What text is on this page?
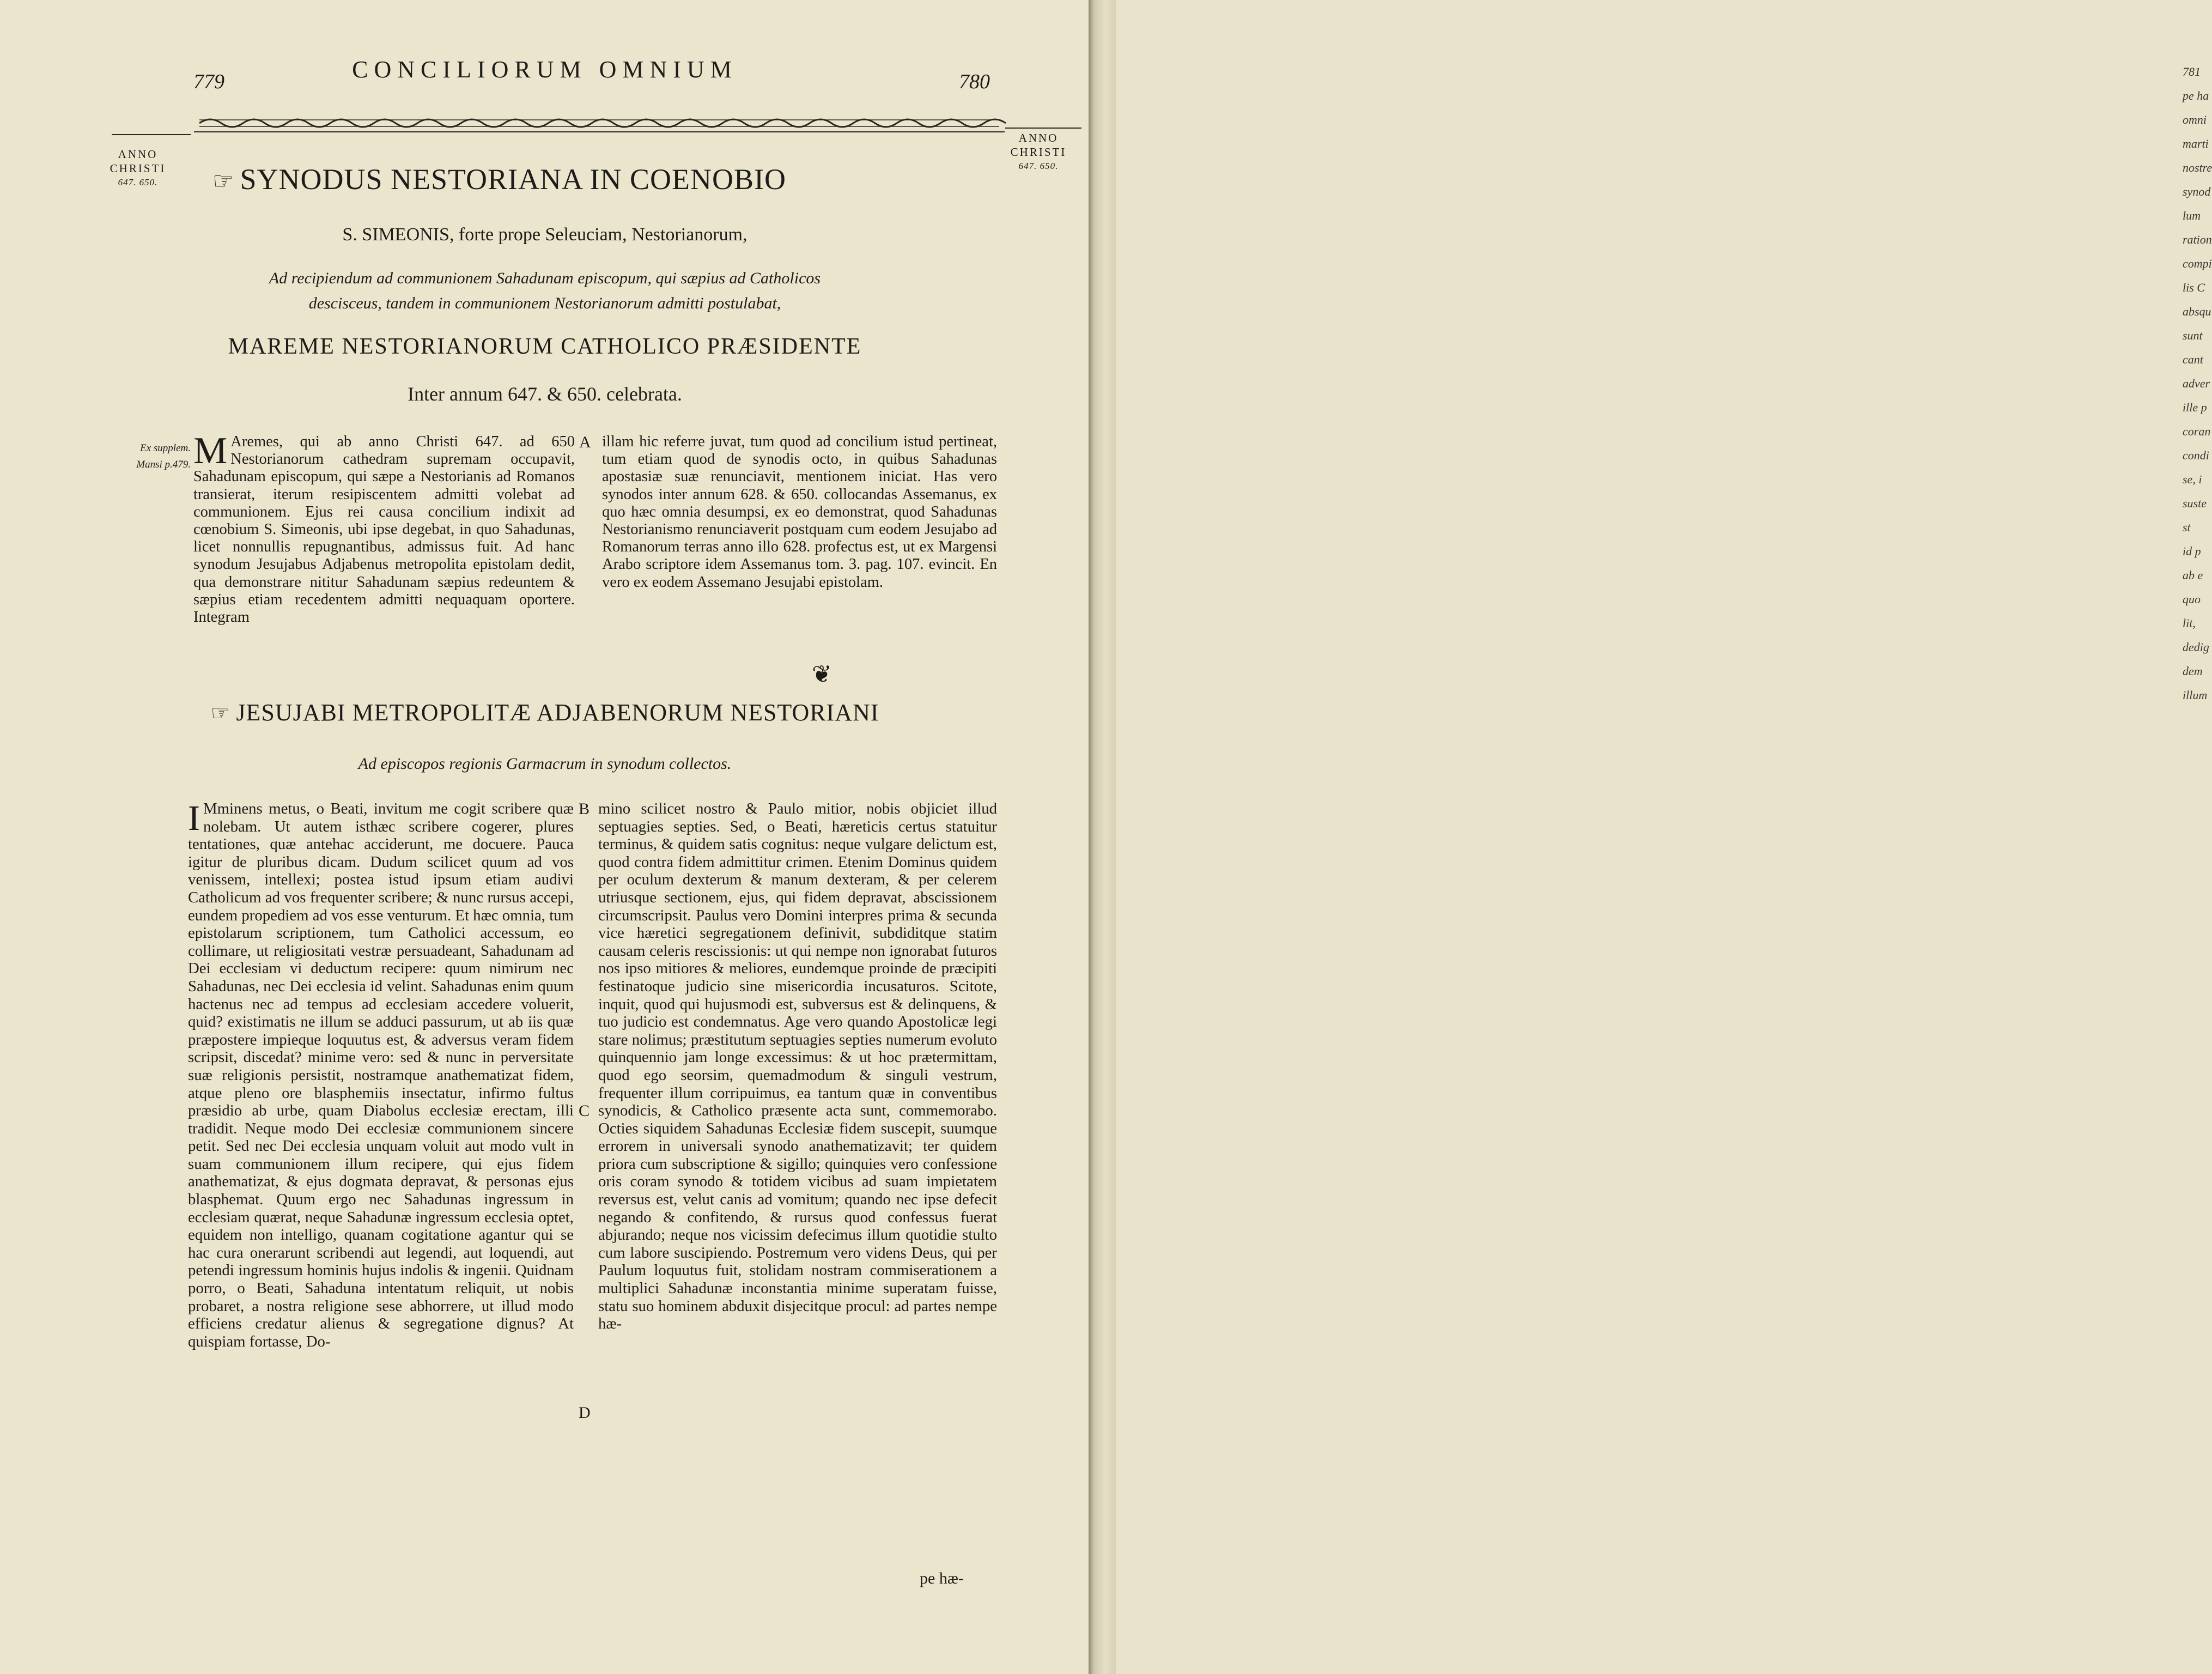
779	CONCILIORUM OMNIUM	780
ANNO
CHRISTI
647. 650.
ANNO
CHRISTI
647. 650.
☞ SYNODUS NESTORIANA IN COENOBIO
S. SIMEONIS, forte prope Seleuciam, Nestorianorum,
Ad recipiendum ad communionem Sahadunam episcopum, qui sæpius ad Catholicos
descisceus, tandem in communionem Nestorianorum admitti postulabat,
MAREME NESTORIANORUM CATHOLICO PRÆSIDENTE
Inter annum 647. & 650. celebrata.
Ex supplem.
Mansi p.479. M Aremes, qui ab anno Christi 647. ad 650 Nestorianorum cathedram supremam occupavit, Sahadunam episcopum, qui sæpe a Nestorianis ad Romanos transierat, iterum resipiscentem admitti volebat ad communionem. Ejus rei causa concilium indixit ad cœnobium S. Simeonis, ubi ipse degebat, in quo Sahadunas, licet nonnullis repugnantibus, admissus fuit. Ad hanc synodum Jesujabus Adjabenus metropolita epistolam dedit, qua demonstrare nititur Sahadunam sæpius redeuntem & sæpius etiam recedentem admitti nequaquam oportere. Integram
A illam hic referre juvat, tum quod ad concilium istud pertineat, tum etiam quod de synodis octo, in quibus Sahadunas apostasiæ suæ renunciavit, mentionem iniciat. Has vero synodos inter annum 628. & 650. collocandas Assemanus, ex quo hæc omnia desumpsi, ex eo demonstrat, quod Sahadunas Nestorianismo renunciaverit postquam cum eodem Jesujabo ad Romanorum terras anno illo 628. profectus est, ut ex Margensi Arabo scriptore idem Assemanus tom. 3. pag. 107. evincit. En vero ex eodem Assemano Jesujabi epistolam.
❦
☞ JESUJABI METROPOLITÆ ADJABENORUM NESTORIANI
Ad episcopos regionis Garmacrum in synodum collectos.
I Mminens metus, o Beati, invitum me cogit scribere quæ nolebam. Ut autem isthæc scribere cogerer, plures tentationes, quæ antehac acciderunt, me docuere. Pauca igitur de pluribus dicam. Dudum scilicet quum ad vos venissem, intellexi; postea istud ipsum etiam audivi Catholicum ad vos frequenter scribere; & nunc rursus accepi, eundem propediem ad vos esse venturum. Et hæc omnia, tum epistolarum scriptionem, tum Catholici accessum, eo collimare, ut religiositati vestræ persuadeant, Sahadunam ad Dei ecclesiam vi deductum recipere: quum nimirum nec Sahadunas, nec Dei ecclesia id velint. Sahadunas enim quum hactenus nec ad tempus ad ecclesiam accedere voluerit, quid? existimatis ne illum se adduci passurum, ut ab iis quæ præpostere impieque loquutus est, & adversus veram fidem scripsit, discedat? minime vero: sed & nunc in perversitate suæ religionis persistit, nostramque anathematizat fidem, atque pleno ore blasphemiis insectatur, infirmo fultus præsidio ab urbe, quam Diabolus ecclesiæ erectam, illi tradidit. Neque modo Dei ecclesiæ communionem sincere petit. Sed nec Dei ecclesia unquam voluit aut modo vult in suam communionem illum recipere, qui ejus fidem anathematizat, & ejus dogmata depravat, & personas ejus blasphemat. Quum ergo nec Sahadunas ingressum in ecclesiam quærat, neque Sahadunæ ingressum ecclesia optet, equidem non intelligo, quanam cogitatione agantur qui se hac cura onerarunt scribendi aut legendi, aut loquendi, aut petendi ingressum hominis hujus indolis & ingenii. Quidnam porro, o Beati, Sahaduna intentatum reliquit, ut nobis probaret, a nostra religione sese abhorrere, ut illud modo efficiens credatur alienus & segregatione dignus? At quispiam fortasse, Do-
B
C
D
mino scilicet nostro & Paulo mitior, nobis objiciet illud septuagies septies. Sed, o Beati, hæreticis certus statuitur terminus, & quidem satis cognitus: neque vulgare delictum est, quod contra fidem admittitur crimen. Etenim Dominus quidem per oculum dexterum & manum dexteram, & per celerem utriusque sectionem, ejus, qui fidem depravat, abscissionem circumscripsit. Paulus vero Domini interpres prima & secunda vice hæretici segregationem definivit, subdiditque statim causam celeris rescissionis: ut qui nempe non ignorabat futuros nos ipso mitiores & meliores, eundemque proinde de præcipiti festinatoque judicio sine misericordia incusaturos. Scitote, inquit, quod qui hujusmodi est, subversus est & delinquens, & tuo judicio est condemnatus. Age vero quando Apostolicæ legi stare nolimus; præstitutum septuagies septies numerum evoluto quinquennio jam longe excessimus: & ut hoc prætermittam, quod ego seorsim, quemadmodum & singuli vestrum, frequenter illum corripuimus, ea tantum quæ in conventibus synodicis, & Catholico præsente acta sunt, commemorabo. Octies siquidem Sahadunas Ecclesiæ fidem suscepit, suumque errorem in universali synodo anathematizavit; ter quidem priora cum subscriptione & sigillo; quinquies vero confessione oris coram synodo & totidem vicibus ad suam impietatem reversus est, velut canis ad vomitum; quando nec ipse defecit negando & confitendo, & rursus quod confessus fuerat abjurando; neque nos vicissim defecimus illum quotidie stulto cum labore suscipiendo. Postremum vero videns Deus, qui per Paulum loquutus fuit, stolidam nostram commiserationem a multiplici Sahadunæ inconstantia minime superatam fuisse, statu suo hominem abduxit disjecitque procul: ad partes nempe hæ-
pe hæ-
781
pe ha
omni
marti
nostre
synod
lum
ration
compi
lis C
absqu
sunt
cant
adver
ille p
coran
condi
se, i
suste
st
id p
ab e
quo
lit,
dedig
dem
illum
